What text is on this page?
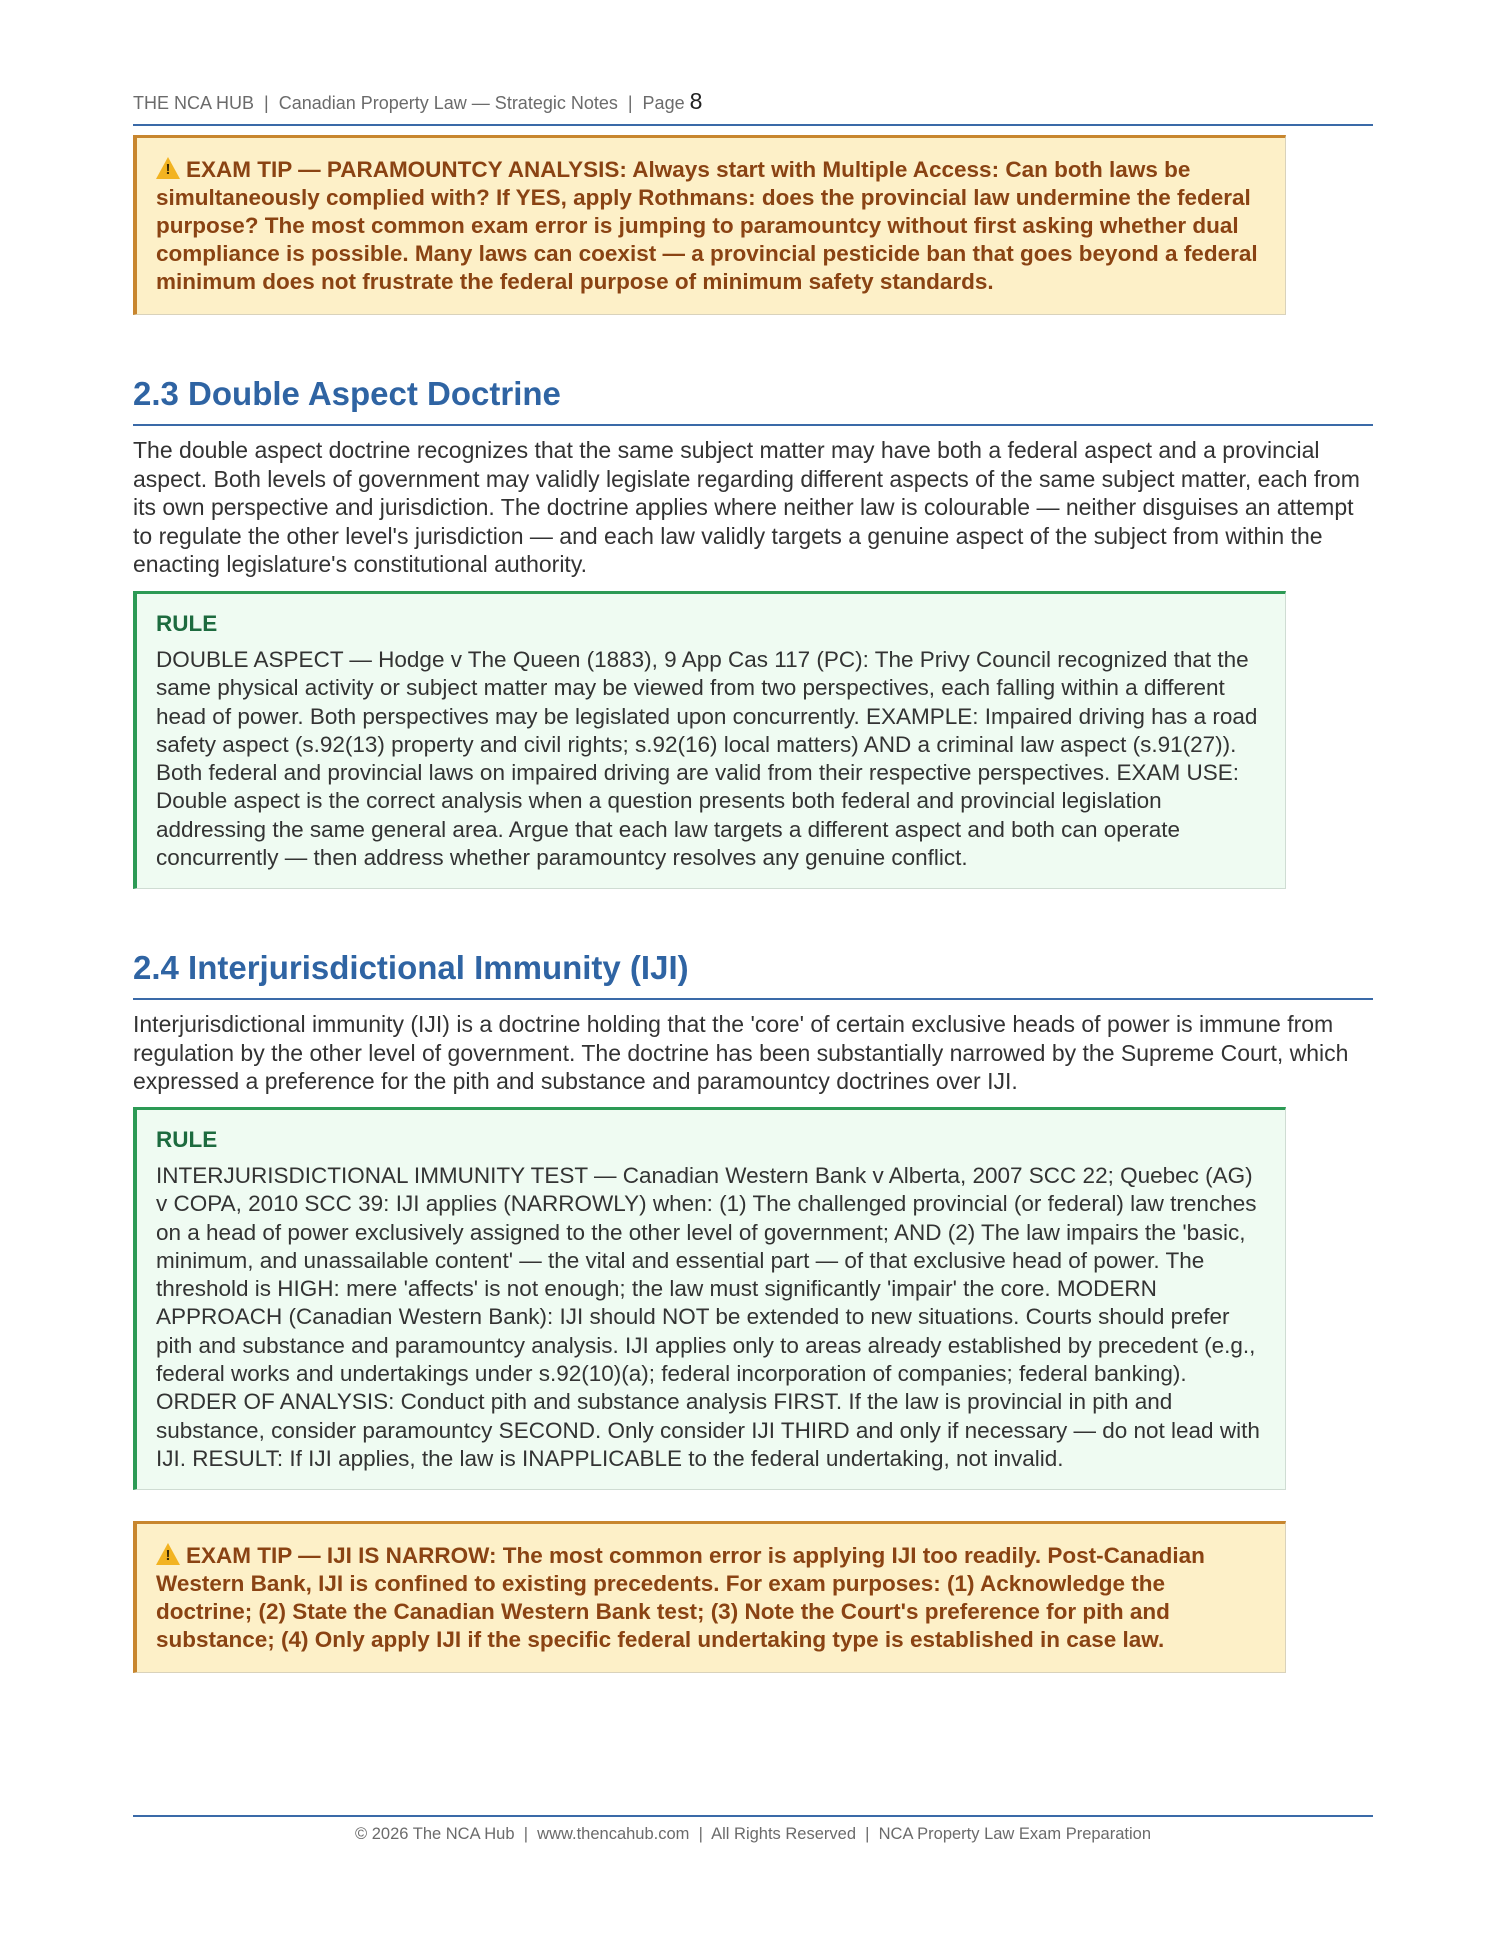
THE NCA HUB  |  Canadian Property Law — Strategic Notes  |  Page 8
! EXAM TIP — PARAMOUNTCY ANALYSIS: Always start with Multiple Access: Can both laws be simultaneously complied with? If YES, apply Rothmans: does the provincial law undermine the federal purpose? The most common exam error is jumping to paramountcy without first asking whether dual compliance is possible. Many laws can coexist — a provincial pesticide ban that goes beyond a federal minimum does not frustrate the federal purpose of minimum safety standards.
2.3 Double Aspect Doctrine

The double aspect doctrine recognizes that the same subject matter may have both a federal aspect and a provincial aspect. Both levels of government may validly legislate regarding different aspects of the same subject matter, each from its own perspective and jurisdiction. The doctrine applies where neither law is colourable — neither disguises an attempt to regulate the other level's jurisdiction — and each law validly targets a genuine aspect of the subject from within the enacting legislature's constitutional authority.

RULE
DOUBLE ASPECT — Hodge v The Queen (1883), 9 App Cas 117 (PC): The Privy Council recognized that the same physical activity or subject matter may be viewed from two perspectives, each falling within a different head of power. Both perspectives may be legislated upon concurrently. EXAMPLE: Impaired driving has a road safety aspect (s.92(13) property and civil rights; s.92(16) local matters) AND a criminal law aspect (s.91(27)). Both federal and provincial laws on impaired driving are valid from their respective perspectives. EXAM USE: Double aspect is the correct analysis when a question presents both federal and provincial legislation addressing the same general area. Argue that each law targets a different aspect and both can operate concurrently — then address whether paramountcy resolves any genuine conflict.
2.4 Interjurisdictional Immunity (IJI)

Interjurisdictional immunity (IJI) is a doctrine holding that the 'core' of certain exclusive heads of power is immune from regulation by the other level of government. The doctrine has been substantially narrowed by the Supreme Court, which expressed a preference for the pith and substance and paramountcy doctrines over IJI.

RULE
INTERJURISDICTIONAL IMMUNITY TEST — Canadian Western Bank v Alberta, 2007 SCC 22; Quebec (AG) v COPA, 2010 SCC 39: IJI applies (NARROWLY) when: (1) The challenged provincial (or federal) law trenches on a head of power exclusively assigned to the other level of government; AND (2) The law impairs the 'basic, minimum, and unassailable content' — the vital and essential part — of that exclusive head of power. The threshold is HIGH: mere 'affects' is not enough; the law must significantly 'impair' the core. MODERN APPROACH (Canadian Western Bank): IJI should NOT be extended to new situations. Courts should prefer pith and substance and paramountcy analysis. IJI applies only to areas already established by precedent (e.g., federal works and undertakings under s.92(10)(a); federal incorporation of companies; federal banking). ORDER OF ANALYSIS: Conduct pith and substance analysis FIRST. If the law is provincial in pith and substance, consider paramountcy SECOND. Only consider IJI THIRD and only if necessary — do not lead with IJI. RESULT: If IJI applies, the law is INAPPLICABLE to the federal undertaking, not invalid.
! EXAM TIP — IJI IS NARROW: The most common error is applying IJI too readily. Post-Canadian Western Bank, IJI is confined to existing precedents. For exam purposes: (1) Acknowledge the doctrine; (2) State the Canadian Western Bank test; (3) Note the Court's preference for pith and substance; (4) Only apply IJI if the specific federal undertaking type is established in case law.
© 2026 The NCA Hub  |  www.thencahub.com  |  All Rights Reserved  |  NCA Property Law Exam Preparation
